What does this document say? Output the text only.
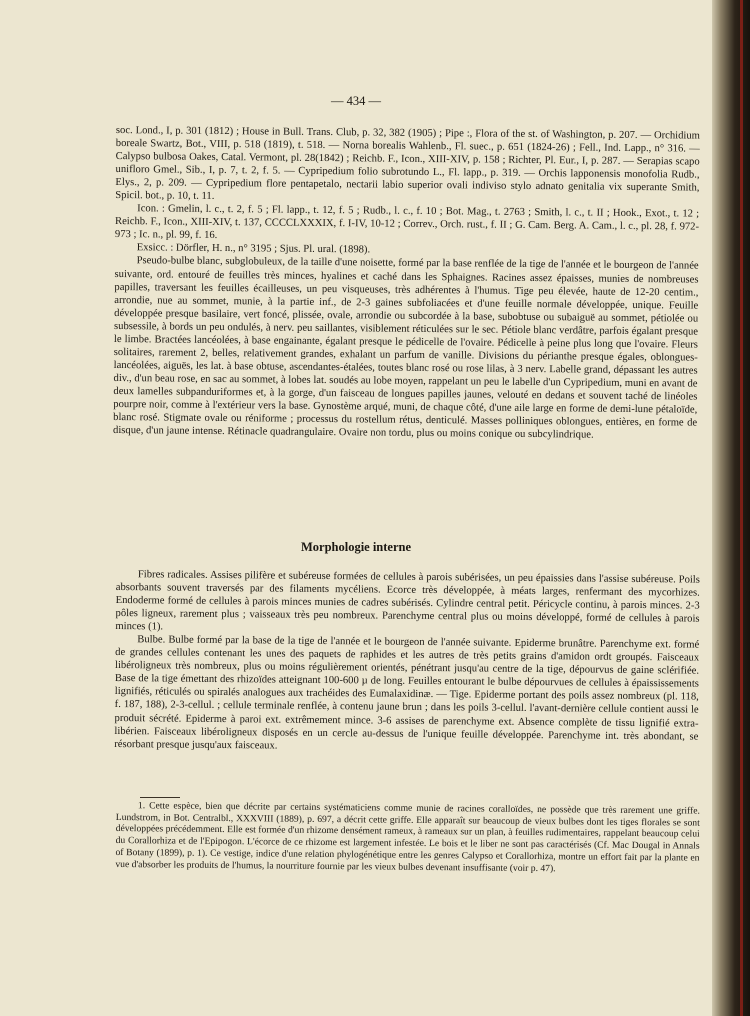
— 434 —

soc. Lond., I, p. 301 (1812) ; House in Bull. Trans. Club, p. 32, 382 (1905) ; Pipe :, Flora of the st. of Washington, p. 207. — Orchidium boreale Swartz, Bot., VIII, p. 518 (1819), t. 518. — Norna borealis Wahlenb., Fl. suec., p. 651 (1824-26) ; Fell., Ind. Lapp., n° 316. — Calypso bulbosa Oakes, Catal. Vermont, pl. 28(1842) ; Reichb. F., Icon., XIII-XIV, p. 158 ; Richter, Pl. Eur., I, p. 287. — Serapias scapo unifloro Gmel., Sib., I, p. 7, t. 2, f. 5. — Cypripedium folio subrotundo L., Fl. lapp., p. 319. — Orchis lapponensis monofolia Rudb., Elys., 2, p. 209. — Cypripedium flore pentapetalo, nectarii labio superior ovali indiviso stylo adnato genitalia vix superante Smith, Spicil. bot., p. 10, t. 11.

Icon. : Gmelin, l. c., t. 2, f. 5 ; Fl. lapp., t. 12, f. 5 ; Rudb., l. c., f. 10 ; Bot. Mag., t. 2763 ; Smith, l. c., t. II ; Hook., Exot., t. 12 ; Reichb. F., Icon., XIII-XIV, t. 137, CCCCLXXXIX, f. I-IV, 10-12 ; Correv., Orch. rust., f. II ; G. Cam. Berg. A. Cam., l. c., pl. 28, f. 972-973 ; Ic. n., pl. 99, f. 16.

Exsicc. : Dörfler, H. n., n° 3195 ; Sjus. Pl. ural. (1898).

Pseudo-bulbe blanc, subglobuleux, de la taille d'une noisette, formé par la base renflée de la tige de l'année et le bourgeon de l'année suivante, ord. entouré de feuilles très minces, hyalines et caché dans les Sphaignes. Racines assez épaisses, munies de nombreuses papilles, traversant les feuilles écailleuses, un peu visqueuses, très adhérentes à l'humus. Tige peu élevée, haute de 12-20 centim., arrondie, nue au sommet, munie, à la partie inf., de 2-3 gaines subfoliacées et d'une feuille normale développée, unique. Feuille développée presque basilaire, vert foncé, plissée, ovale, arrondie ou subcordée à la base, subobtuse ou subaiguë au sommet, pétiolée ou subsessile, à bords un peu ondulés, à nerv. peu saillantes, visiblement réticulées sur le sec. Pétiole blanc verdâtre, parfois égalant presque le limbe. Bractées lancéolées, à base engainante, égalant presque le pédicelle de l'ovaire. Pédicelle à peine plus long que l'ovaire. Fleurs solitaires, rarement 2, belles, relativement grandes, exhalant un parfum de vanille. Divisions du périanthe presque égales, oblongues-lancéolées, aiguës, les lat. à base obtuse, ascendantes-étalées, toutes blanc rosé ou rose lilas, à 3 nerv. Labelle grand, dépassant les autres div., d'un beau rose, en sac au sommet, à lobes lat. soudés au lobe moyen, rappelant un peu le labelle d'un Cypripedium, muni en avant de deux lamelles subpanduriformes et, à la gorge, d'un faisceau de longues papilles jaunes, velouté en dedans et souvent taché de linéoles pourpre noir, comme à l'extérieur vers la base. Gynostème arqué, muni, de chaque côté, d'une aile large en forme de demi-lune pétaloïde, blanc rosé. Stigmate ovale ou réniforme ; processus du rostellum rétus, denticulé. Masses polliniques oblongues, entières, en forme de disque, d'un jaune intense. Rétinacle quadrangulaire. Ovaire non tordu, plus ou moins conique ou subcylindrique.

Morphologie interne

Fibres radicales. Assises pilifère et subéreuse formées de cellules à parois subérisées, un peu épaissies dans l'assise subéreuse. Poils absorbants souvent traversés par des filaments mycéliens. Ecorce très développée, à méats larges, renfermant des mycorhizes. Endoderme formé de cellules à parois minces munies de cadres subérisés. Cylindre central petit. Péricycle continu, à parois minces. 2-3 pôles ligneux, rarement plus ; vaisseaux très peu nombreux. Parenchyme central plus ou moins développé, formé de cellules à parois minces (1).

Bulbe. Bulbe formé par la base de la tige de l'année et le bourgeon de l'année suivante. Epiderme brunâtre. Parenchyme ext. formé de grandes cellules contenant les unes des paquets de raphides et les autres de très petits grains d'amidon ordt groupés. Faisceaux libéroligneux très nombreux, plus ou moins régulièrement orientés, pénétrant jusqu'au centre de la tige, dépourvus de gaine sclérifiée. Base de la tige émettant des rhizoïdes atteignant 100-600 µ de long. Feuilles entourant le bulbe dépourvues de cellules à épaississements lignifiés, réticulés ou spiralés analogues aux trachéides des Eumalaxidinæ. — Tige. Epiderme portant des poils assez nombreux (pl. 118, f. 187, 188), 2-3-cellul. ; cellule terminale renflée, à contenu jaune brun ; dans les poils 3-cellul. l'avant-dernière cellule contient aussi le produit sécrété. Epiderme à paroi ext. extrêmement mince. 3-6 assises de parenchyme ext. Absence complète de tissu lignifié extra-libérien. Faisceaux libéroligneux disposés en un cercle au-dessus de l'unique feuille développée. Parenchyme int. très abondant, se résorbant presque jusqu'aux faisceaux.

1. Cette espèce, bien que décrite par certains systématiciens comme munie de racines coralloïdes, ne possède que très rarement une griffe. Lundstrom, in Bot. Centralbl., XXXVIII (1889), p. 697, a décrit cette griffe. Elle apparaît sur beaucoup de vieux bulbes dont les tiges florales se sont développées précédemment. Elle est formée d'un rhizome densément rameux, à rameaux sur un plan, à feuilles rudimentaires, rappelant beaucoup celui du Corallorhiza et de l'Epipogon. L'écorce de ce rhizome est largement infestée. Le bois et le liber ne sont pas caractérisés (Cf. Mac Dougal in Annals of Botany (1899), p. 1). Ce vestige, indice d'une relation phylogénétique entre les genres Calypso et Corallorhiza, montre un effort fait par la plante en vue d'absorber les produits de l'humus, la nourriture fournie par les vieux bulbes devenant insuffisante (voir p. 47).
